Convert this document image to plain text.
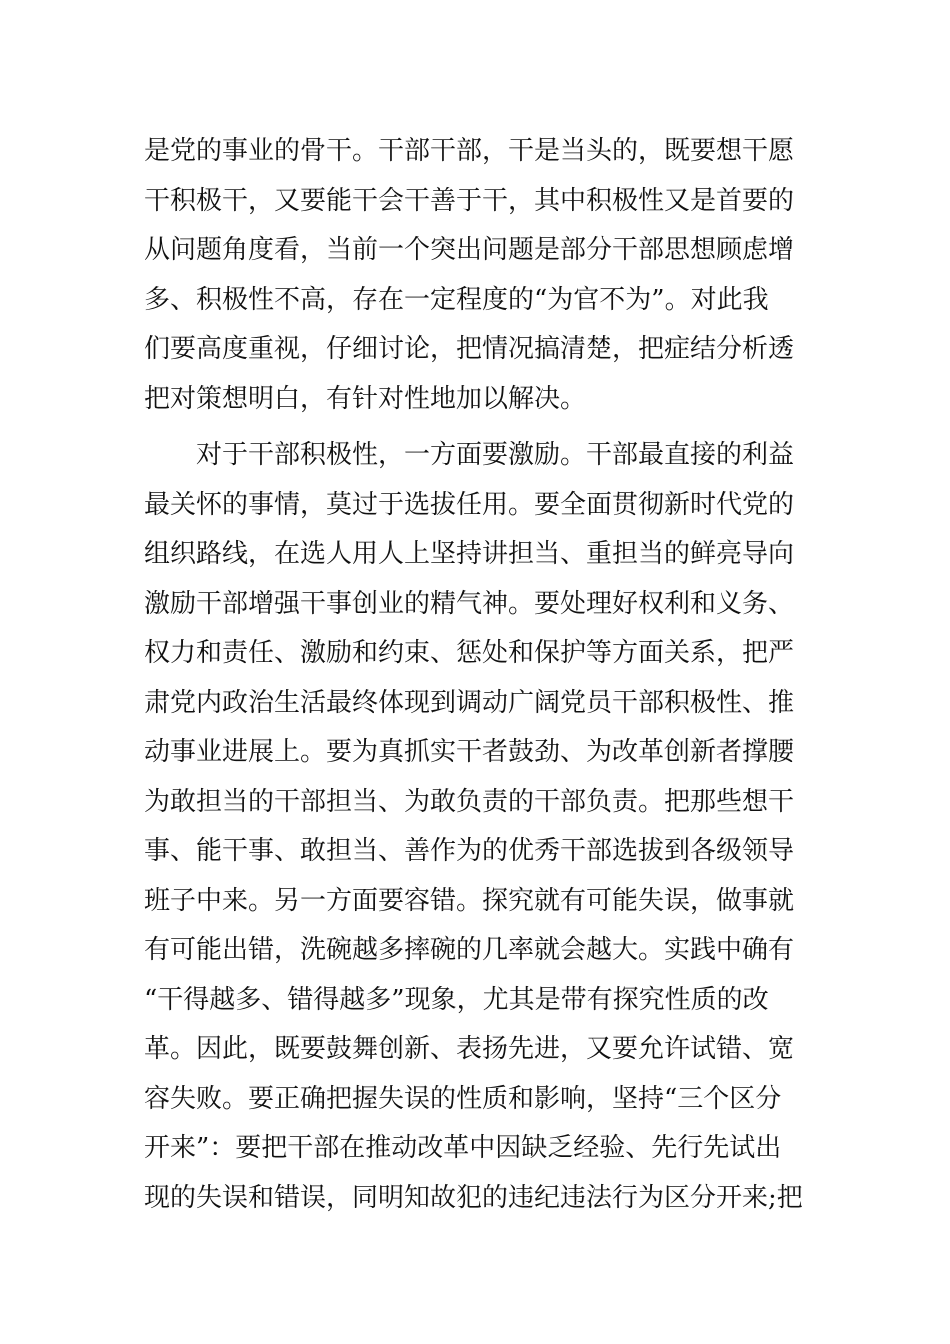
是党的事业的骨干。干部干部，干是当头的，既要想干愿
干积极干，又要能干会干善于干，其中积极性又是首要的
从问题角度看，当前一个突出问题是部分干部思想顾虑增
多、积极性不高，存在一定程度的“为官不为”。对此我
们要高度重视，仔细讨论，把情况搞清楚，把症结分析透
把对策想明白，有针对性地加以解决。
对于干部积极性，一方面要激励。干部最直接的利益
最关怀的事情，莫过于选拔任用。要全面贯彻新时代党的
组织路线，在选人用人上坚持讲担当、重担当的鲜亮导向
激励干部增强干事创业的精气神。要处理好权利和义务、
权力和责任、激励和约束、惩处和保护等方面关系，把严
肃党内政治生活最终体现到调动广阔党员干部积极性、推
动事业进展上。要为真抓实干者鼓劲、为改革创新者撑腰
为敢担当的干部担当、为敢负责的干部负责。把那些想干
事、能干事、敢担当、善作为的优秀干部选拔到各级领导
班子中来。另一方面要容错。探究就有可能失误，做事就
有可能出错，洗碗越多摔碗的几率就会越大。实践中确有
“干得越多、错得越多”现象，尤其是带有探究性质的改
革。因此，既要鼓舞创新、表扬先进，又要允许试错、宽
容失败。要正确把握失误的性质和影响，坚持“三个区分
开来”：要把干部在推动改革中因缺乏经验、先行先试出
现的失误和错误，同明知故犯的违纪违法行为区分开来;把
